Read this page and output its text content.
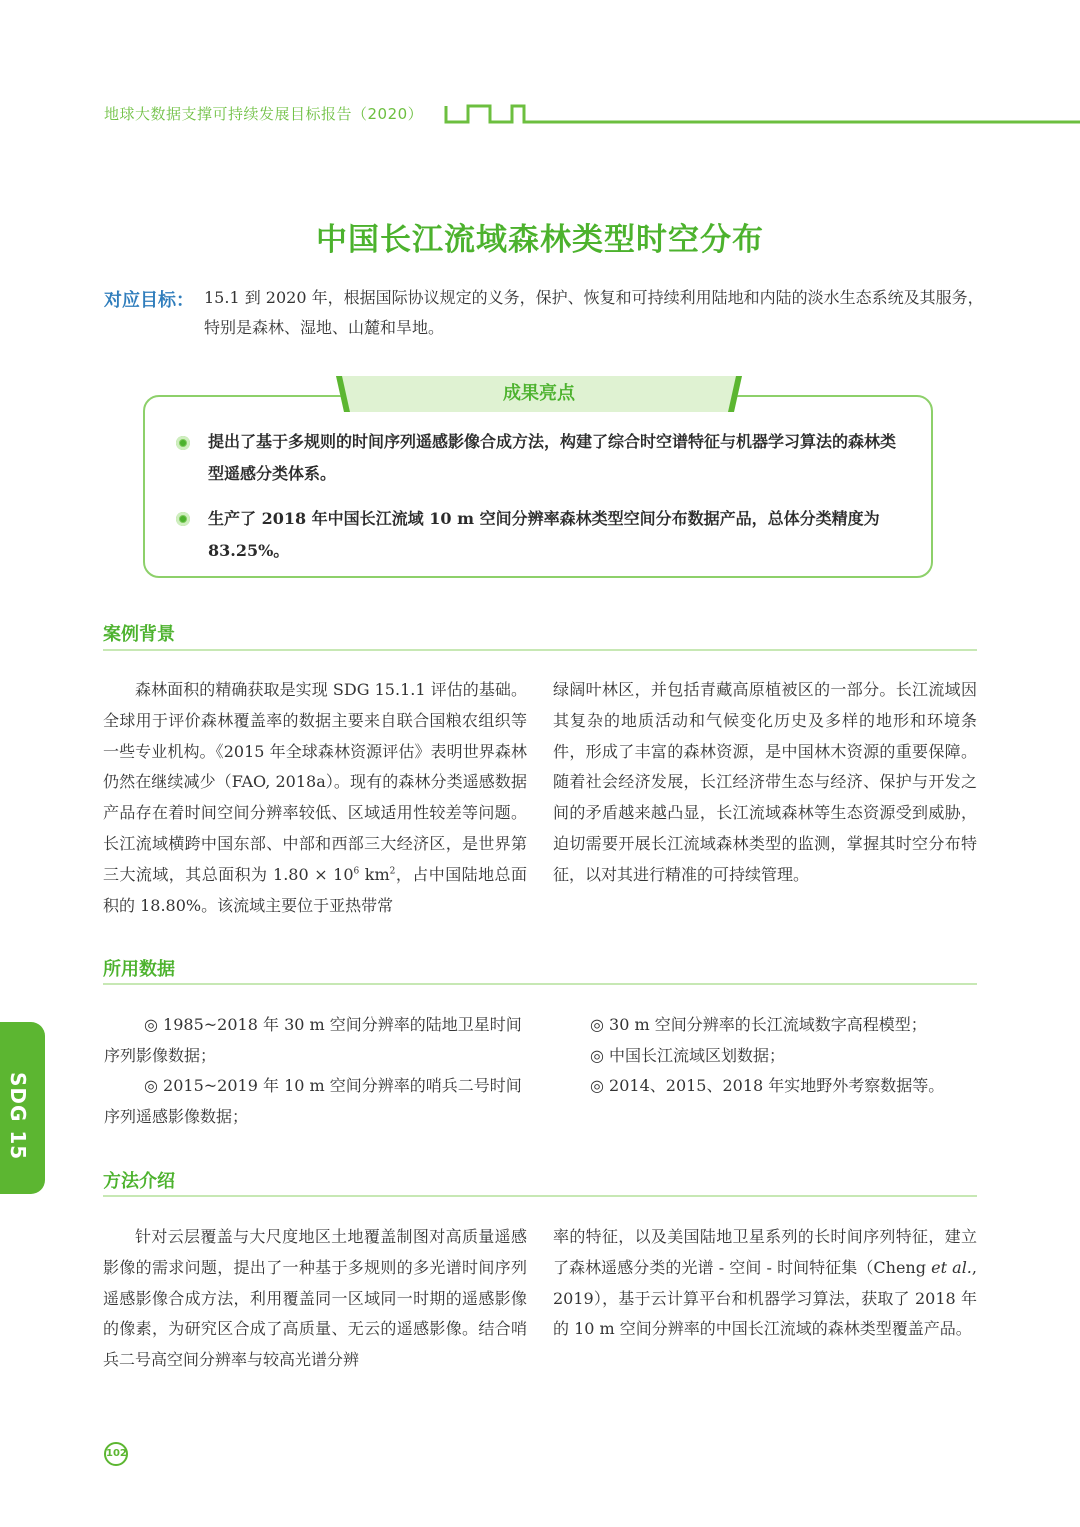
地球大数据支撑可持续发展目标报告（2020）
中国长江流域森林类型时空分布
对应目标： 15.1 到 2020 年，根据国际协议规定的义务，保护、恢复和可持续利用陆地和内陆的淡水生态系统及其服务，特别是森林、湿地、山麓和旱地。
成果亮点
提出了基于多规则的时间序列遥感影像合成方法，构建了综合时空谱特征与机器学习算法的森林类型遥感分类体系。
生产了 2018 年中国长江流域 10 m 空间分辨率森林类型空间分布数据产品，总体分类精度为 83.25%。
案例背景

森林面积的精确获取是实现 SDG 15.1.1 评估的基础。全球用于评价森林覆盖率的数据主要来自联合国粮农组织等一些专业机构。《2015 年全球森林资源评估》表明世界森林仍然在继续减少（FAO, 2018a）。现有的森林分类遥感数据产品存在着时间空间分辨率较低、区域适用性较差等问题。长江流域横跨中国东部、中部和西部三大经济区，是世界第三大流域，其总面积为 $1.80 \times 10^6$ $km^2$，占中国陆地总面积的 18.80%。该流域主要位于亚热带常

绿阔叶林区，并包括青藏高原植被区的一部分。长江流域因其复杂的地质活动和气候变化历史及多样的地形和环境条件，形成了丰富的森林资源，是中国林木资源的重要保障。随着社会经济发展，长江经济带生态与经济、保护与开发之间的矛盾越来越凸显，长江流域森林等生态资源受到威胁，迫切需要开展长江流域森林类型的监测，掌握其时空分布特征，以对其进行精准的可持续管理。

所用数据
◎ 1985~2018 年 30 m 空间分辨率的陆地卫星时间序列影像数据；
◎ 2015~2019 年 10 m 空间分辨率的哨兵二号时间序列遥感影像数据；
◎ 30 m 空间分辨率的长江流域数字高程模型；
◎ 中国长江流域区划数据；
◎ 2014、2015、2018 年实地野外考察数据等。
方法介绍

针对云层覆盖与大尺度地区土地覆盖制图对高质量遥感影像的需求问题，提出了一种基于多规则的多光谱时间序列遥感影像合成方法，利用覆盖同一区域同一时期的遥感影像的像素，为研究区合成了高质量、无云的遥感影像。结合哨兵二号高空间分辨率与较高光谱分辨

率的特征，以及美国陆地卫星系列的长时间序列特征，建立了森林遥感分类的光谱 - 空间 - 时间特征集（Cheng et al., 2019），基于云计算平台和机器学习算法，获取了 2018 年的 10 m 空间分辨率的中国长江流域的森林类型覆盖产品。

SDG 15
102
